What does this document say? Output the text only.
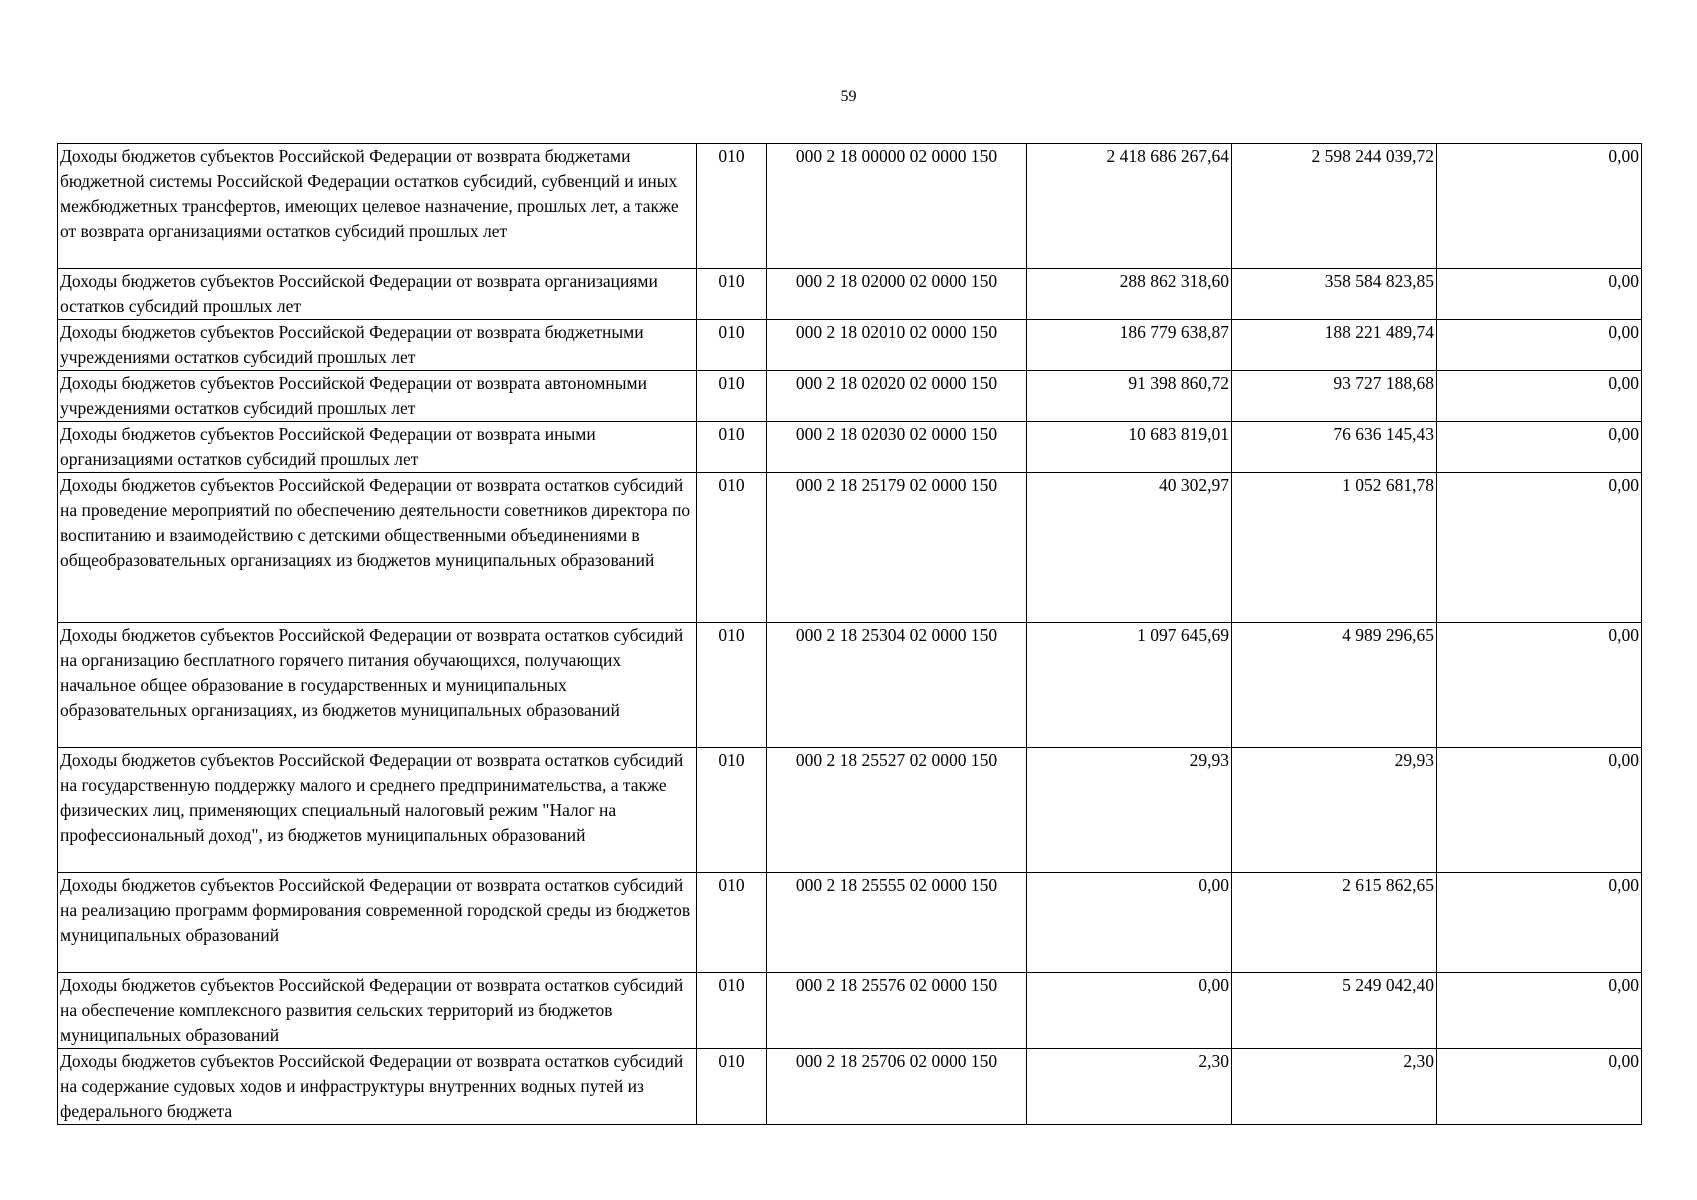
59
Доходы бюджетов субъектов Российской Федерации от возврата бюджетами бюджетной системы Российской Федерации остатков субсидий, субвенций и иных межбюджетных трансфертов, имеющих целевое назначение, прошлых лет, а также от возврата организациями остатков субсидий прошлых лет	010	000 2 18 00000 02 0000 150	2 418 686 267,64	2 598 244 039,72	0,00
Доходы бюджетов субъектов Российской Федерации от возврата организациями остатков субсидий прошлых лет	010	000 2 18 02000 02 0000 150	288 862 318,60	358 584 823,85	0,00
Доходы бюджетов субъектов Российской Федерации от возврата бюджетными учреждениями остатков субсидий прошлых лет	010	000 2 18 02010 02 0000 150	186 779 638,87	188 221 489,74	0,00
Доходы бюджетов субъектов Российской Федерации от возврата автономными учреждениями остатков субсидий прошлых лет	010	000 2 18 02020 02 0000 150	91 398 860,72	93 727 188,68	0,00
Доходы бюджетов субъектов Российской Федерации от возврата иными организациями остатков субсидий прошлых лет	010	000 2 18 02030 02 0000 150	10 683 819,01	76 636 145,43	0,00
Доходы бюджетов субъектов Российской Федерации от возврата остатков субсидий на проведение мероприятий по обеспечению деятельности советников директора по воспитанию и взаимодействию с детскими общественными объединениями в общеобразовательных организациях из бюджетов муниципальных образований	010	000 2 18 25179 02 0000 150	40 302,97	1 052 681,78	0,00
Доходы бюджетов субъектов Российской Федерации от возврата остатков субсидий на организацию бесплатного горячего питания обучающихся, получающих начальное общее образование в государственных и муниципальных образовательных организациях, из бюджетов муниципальных образований	010	000 2 18 25304 02 0000 150	1 097 645,69	4 989 296,65	0,00
Доходы бюджетов субъектов Российской Федерации от возврата остатков субсидий на государственную поддержку малого и среднего предпринимательства, а также физических лиц, применяющих специальный налоговый режим "Налог на профессиональный доход", из бюджетов муниципальных образований	010	000 2 18 25527 02 0000 150	29,93	29,93	0,00
Доходы бюджетов субъектов Российской Федерации от возврата остатков субсидий на реализацию программ формирования современной городской среды из бюджетов муниципальных образований	010	000 2 18 25555 02 0000 150	0,00	2 615 862,65	0,00
Доходы бюджетов субъектов Российской Федерации от возврата остатков субсидий на обеспечение комплексного развития сельских территорий из бюджетов муниципальных образований	010	000 2 18 25576 02 0000 150	0,00	5 249 042,40	0,00
Доходы бюджетов субъектов Российской Федерации от возврата остатков субсидий на содержание судовых ходов и инфраструктуры внутренних водных путей из федерального бюджета	010	000 2 18 25706 02 0000 150	2,30	2,30	0,00
